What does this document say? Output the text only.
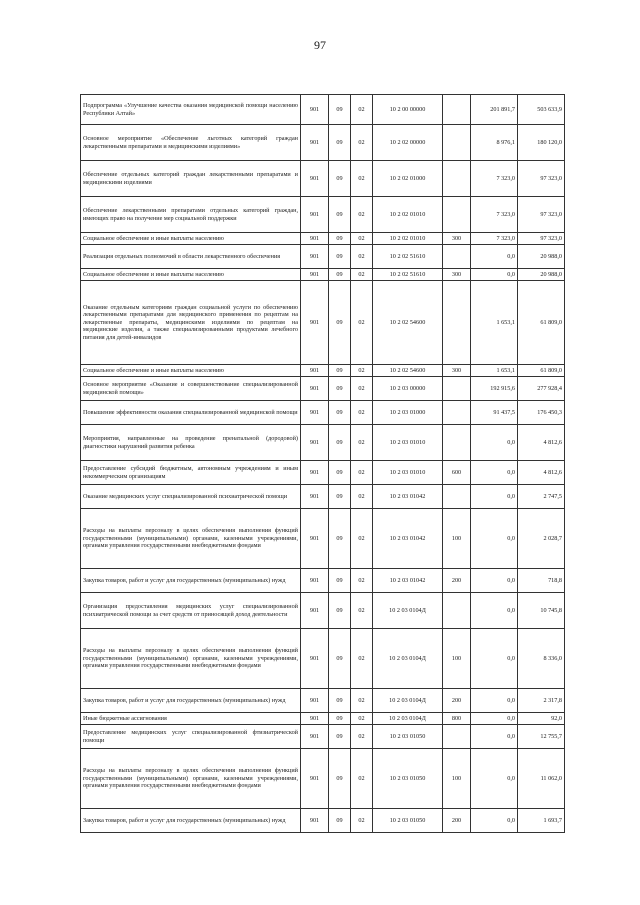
97
Подпрограмма «Улучшение качества оказания медицинской помощи населению Республики Алтай»	901	09	02	10 2 00 00000		201 891,7	503 633,9
Основное мероприятие «Обеспечение льготных категорий граждан лекарственными препаратами и медицинскими изделиями»	901	09	02	10 2 02 00000		8 976,1	180 120,0
Обеспечение отдельных категорий граждан лекарственными препаратами и медицинскими изделиями	901	09	02	10 2 02 01000		7 323,0	97 323,0
Обеспечение лекарственными препаратами отдельных категорий граждан, имеющих право на получение мер социальной поддержки	901	09	02	10 2 02 01010		7 323,0	97 323,0
Социальное обеспечение и иные выплаты населению	901	09	02	10 2 02 01010	300	7 323,0	97 323,0
Реализация отдельных полномочий в области лекарственного обеспечения	901	09	02	10 2 02 51610		0,0	20 988,0
Социальное обеспечение и иные выплаты населению	901	09	02	10 2 02 51610	300	0,0	20 988,0
Оказание отдельным категориям граждан социальной услуги по обеспечению лекарственными препаратами для медицинского применения по рецептам на лекарственные препараты, медицинскими изделиями по рецептам на медицинские изделия, а также специализированными продуктами лечебного питания для детей-инвалидов	901	09	02	10 2 02 54600		1 653,1	61 809,0
Социальное обеспечение и иные выплаты населению	901	09	02	10 2 02 54600	300	1 653,1	61 809,0
Основное мероприятие «Оказание и совершенствование специализированной медицинской помощи»	901	09	02	10 2 03 00000		192 915,6	277 928,4
Повышение эффективности оказания специализированной медицинской помощи	901	09	02	10 2 03 01000		91 437,5	176 450,3
Мероприятия, направленные на проведение пренатальной (дородовой) диагностики нарушений развития ребенка	901	09	02	10 2 03 01010		0,0	4 812,6
Предоставление субсидий бюджетным, автономным учреждениям и иным некоммерческим организациям	901	09	02	10 2 03 01010	600	0,0	4 812,6
Оказание медицинских услуг специализированной психиатрической помощи	901	09	02	10 2 03 01042		0,0	2 747,5
Расходы на выплаты персоналу в целях обеспечения выполнения функций государственными (муниципальными) органами, казенными учреждениями, органами управления государственными внебюджетными фондами	901	09	02	10 2 03 01042	100	0,0	2 028,7
Закупка товаров, работ и услуг для государственных (муниципальных) нужд	901	09	02	10 2 03 01042	200	0,0	718,8
Организация предоставления медицинских услуг специализированной психиатрической помощи за счет средств от приносящей доход деятельности	901	09	02	10 2 03 0104Д		0,0	10 745,8
Расходы на выплаты персоналу в целях обеспечения выполнения функций государственными (муниципальными) органами, казенными учреждениями, органами управления государственными внебюджетными фондами	901	09	02	10 2 03 0104Д	100	0,0	8 336,0
Закупка товаров, работ и услуг для государственных (муниципальных) нужд	901	09	02	10 2 03 0104Д	200	0,0	2 317,8
Иные бюджетные ассигнования	901	09	02	10 2 03 0104Д	800	0,0	92,0
Предоставление медицинских услуг специализированной фтизиатрической помощи	901	09	02	10 2 03 01050		0,0	12 755,7
Расходы на выплаты персоналу в целях обеспечения выполнения функций государственными (муниципальными) органами, казенными учреждениями, органами управления государственными внебюджетными фондами	901	09	02	10 2 03 01050	100	0,0	11 062,0
Закупка товаров, работ и услуг для государственных (муниципальных) нужд	901	09	02	10 2 03 01050	200	0,0	1 693,7
